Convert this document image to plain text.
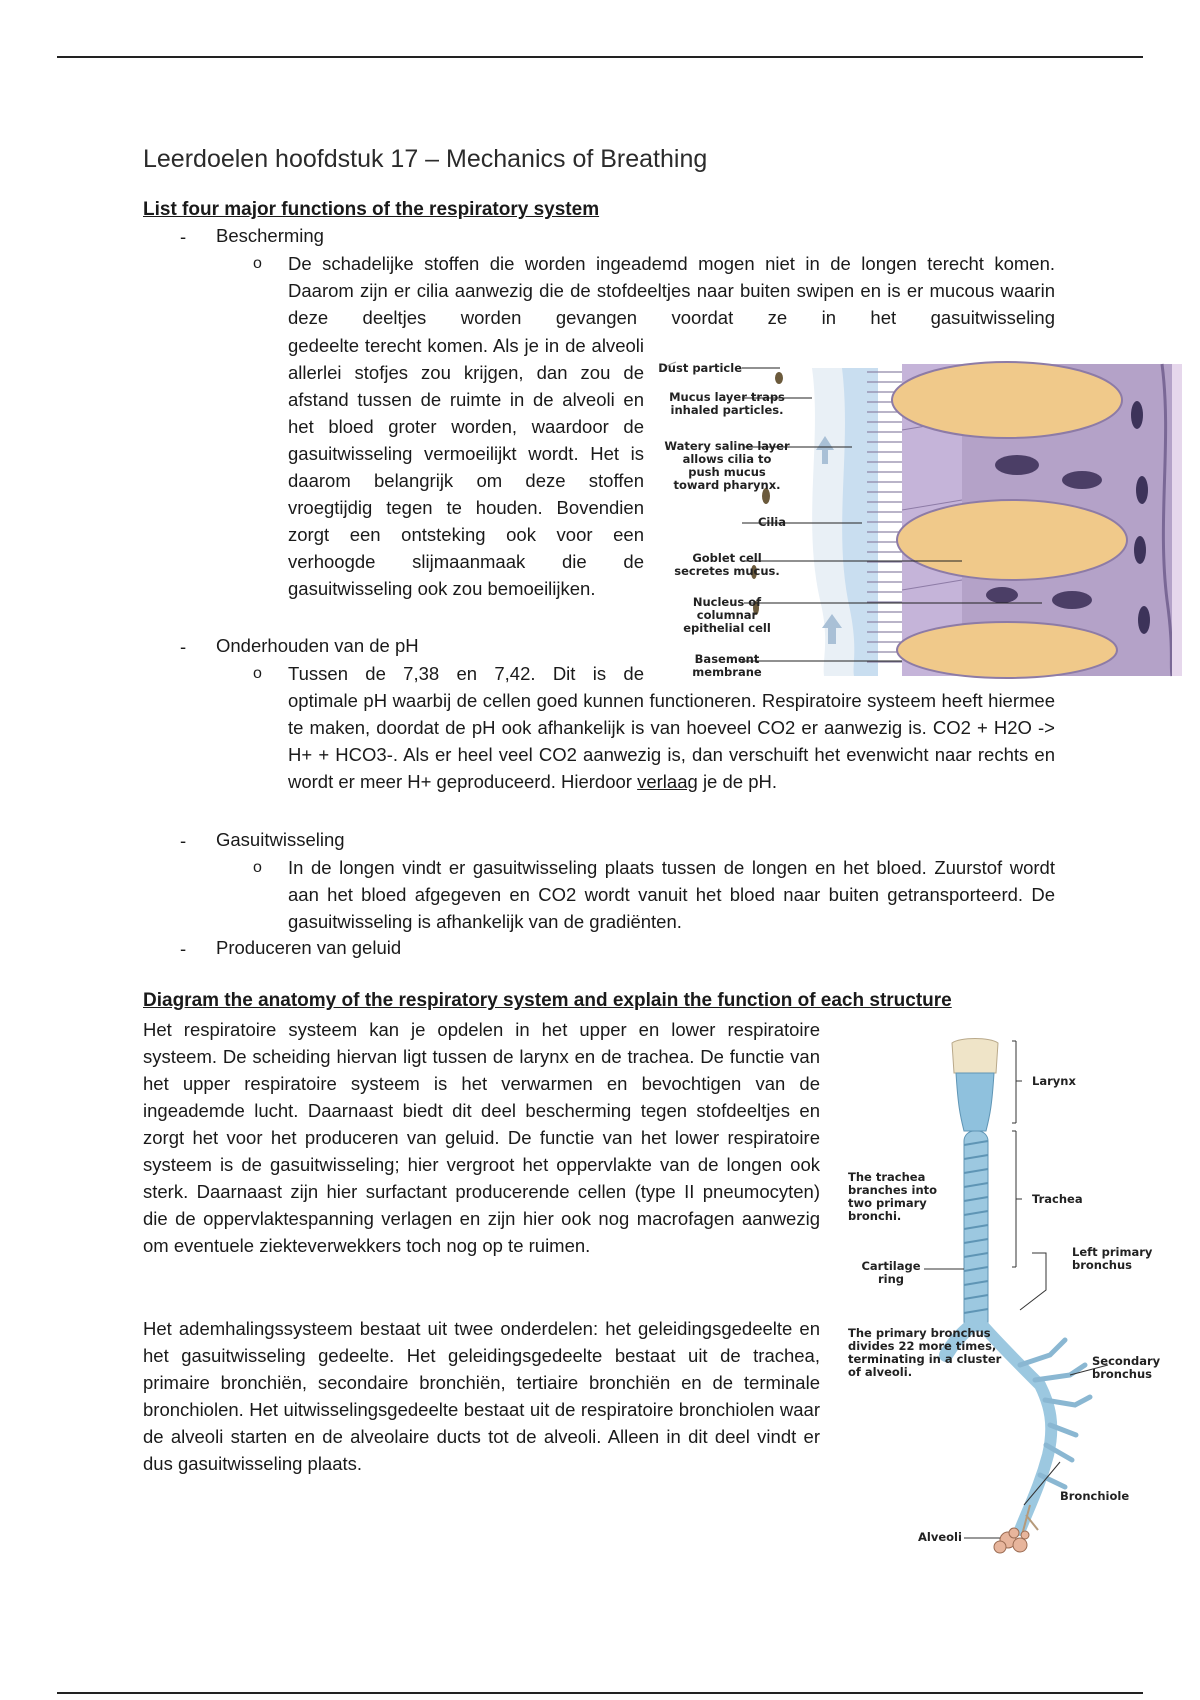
Leerdoelen hoofdstuk 17 – Mechanics of Breathing
List four major functions of the respiratory system
- Bescherming
o De schadelijke stoffen die worden ingeademd mogen niet in de longen terecht komen. Daarom zijn er cilia aanwezig die de stofdeeltjes naar buiten swipen en is er mucous waarin deze deeltjes worden gevangen voordat ze in het gasuitwisseling

gedeelte terecht komen. Als je in de alveoli allerlei stofjes zou krijgen, dan zou de afstand tussen de ruimte in de alveoli en het bloed groter worden, waardoor de gasuitwisseling vermoeilijkt wordt. Het is daarom belangrijk om deze stoffen vroegtijdig tegen te houden. Bovendien zorgt een ontsteking ook voor een verhoogde slijmaanmaak die de gasuitwisseling ook zou bemoeilijken.

- Onderhouden van de pH
o Tussen de 7,38 en 7,42. Dit is de

optimale pH waarbij de cellen goed kunnen functioneren. Respiratoire systeem heeft hiermee te maken, doordat de pH ook afhankelijk is van hoeveel CO2 er aanwezig is. CO2 + H2O -> H+ + HCO3-. Als er heel veel CO2 aanwezig is, dan verschuift het evenwicht naar rechts en wordt er meer H+ geproduceerd. Hierdoor verlaag je de pH.

- Gasuitwisseling
o In de longen vindt er gasuitwisseling plaats tussen de longen en het bloed. Zuurstof wordt aan het bloed afgegeven en CO2 wordt vanuit het bloed naar buiten getransporteerd. De gasuitwisseling is afhankelijk van de gradiënten.

- Produceren van geluid
Dust particle
Mucus layer traps
inhaled particles.
Watery saline layer
allows cilia to
push mucus
toward pharynx.
Cilia
Goblet cell
secretes mucus.
Nucleus of
columnar
epithelial cell
Basement
membrane
Diagram the anatomy of the respiratory system and explain the function of each structure

Het respiratoire systeem kan je opdelen in het upper en lower respiratoire systeem. De scheiding hiervan ligt tussen de larynx en de trachea. De functie van het upper respiratoire systeem is het verwarmen en bevochtigen van de ingeademde lucht. Daarnaast biedt dit deel bescherming tegen stofdeeltjes en zorgt het voor het produceren van geluid. De functie van het lower respiratoire systeem is de gasuitwisseling; hier vergroot het oppervlakte van de longen ook sterk. Daarnaast zijn hier surfactant producerende cellen (type II pneumocyten) die de oppervlaktespanning verlagen en zijn hier ook nog macrofagen aanwezig om eventuele ziekteverwekkers toch nog op te ruimen.

Het ademhalingssysteem bestaat uit twee onderdelen: het geleidingsgedeelte en het gasuitwisseling gedeelte. Het geleidingsgedeelte bestaat uit de trachea, primaire bronchiën, secondaire bronchiën, tertiaire bronchiën en de terminale bronchiolen. Het uitwisselingsgedeelte bestaat uit de respiratoire bronchiolen waar de alveoli starten en de alveolaire ducts tot de alveoli. Alleen in dit deel vindt er dus gasuitwisseling plaats.

Larynx
Trachea
The trachea
branches into
two primary
bronchi.
Cartilage
ring
Left primary
bronchus
The primary bronchus
divides 22 more times,
terminating in a cluster
of alveoli.
Secondary
bronchus
Bronchiole
Alveoli
